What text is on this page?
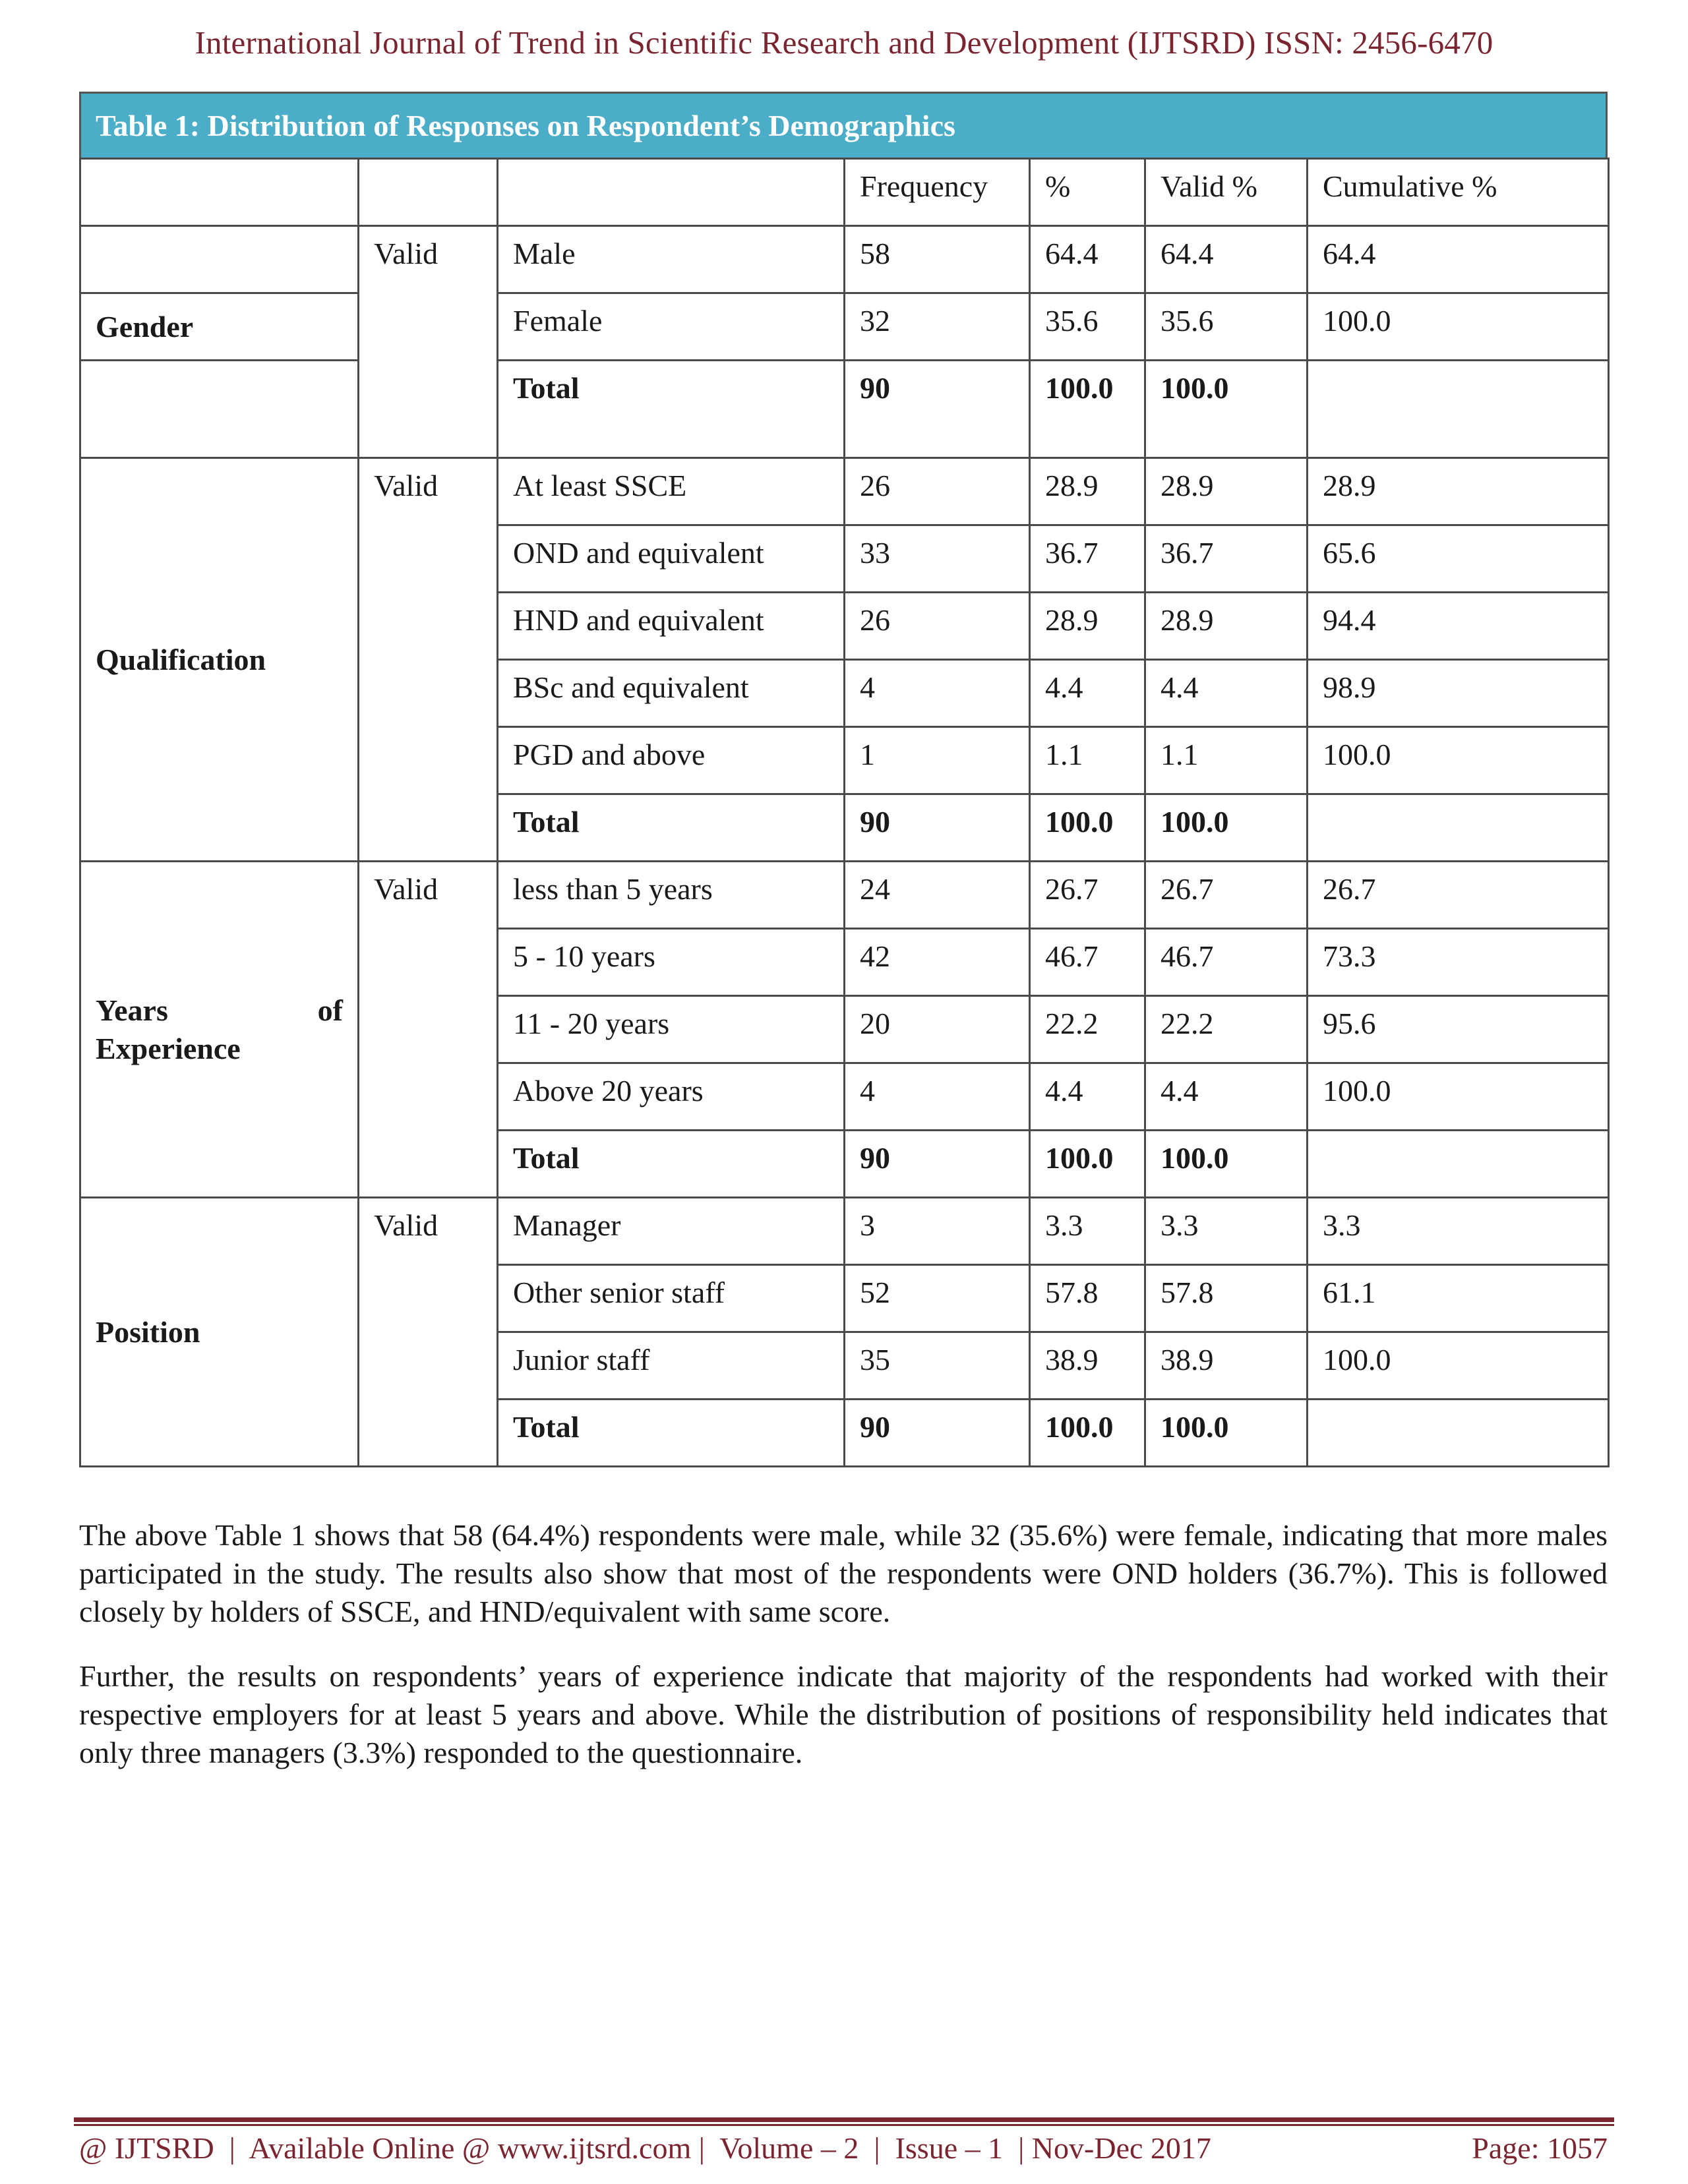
International Journal of Trend in Scientific Research and Development (IJTSRD) ISSN: 2456-6470
Table 1: Distribution of Responses on Respondent’s Demographics
			Frequency	%	Valid %	Cumulative %
	Valid	Male	58	64.4	64.4	64.4
Gender		Female	32	35.6	35.6	100.0
		Total	90	100.0	100.0	
Qualification	Valid	At least SSCE	26	28.9	28.9	28.9
		OND and equivalent	33	36.7	36.7	65.6
		HND and equivalent	26	28.9	28.9	94.4
		BSc and equivalent	4	4.4	4.4	98.9
		PGD and above	1	1.1	1.1	100.0
		Total	90	100.0	100.0	

Years of
Experience	Valid	less than 5 years	24	26.7	26.7	26.7
		5 - 10 years	42	46.7	46.7	73.3
		11 - 20 years	20	22.2	22.2	95.6
		Above 20 years	4	4.4	4.4	100.0
		Total	90	100.0	100.0	
Position	Valid	Manager	3	3.3	3.3	3.3
		Other senior staff	52	57.8	57.8	61.1
		Junior staff	35	38.9	38.9	100.0
		Total	90	100.0	100.0	

The above Table 1 shows that 58 (64.4%) respondents were male, while 32 (35.6%) were female, indicating that more males participated in the study. The results also show that most of the respondents were OND holders (36.7%). This is followed closely by holders of SSCE, and HND/equivalent with same score.

Further, the results on respondents’ years of experience indicate that majority of the respondents had worked with their respective employers for at least 5 years and above. While the distribution of positions of responsibility held indicates that only three managers (3.3%) responded to the questionnaire.

@ IJTSRD  |  Available Online @ www.ijtsrd.com |  Volume – 2  |  Issue – 1  | Nov-Dec 2017	Page: 1057
